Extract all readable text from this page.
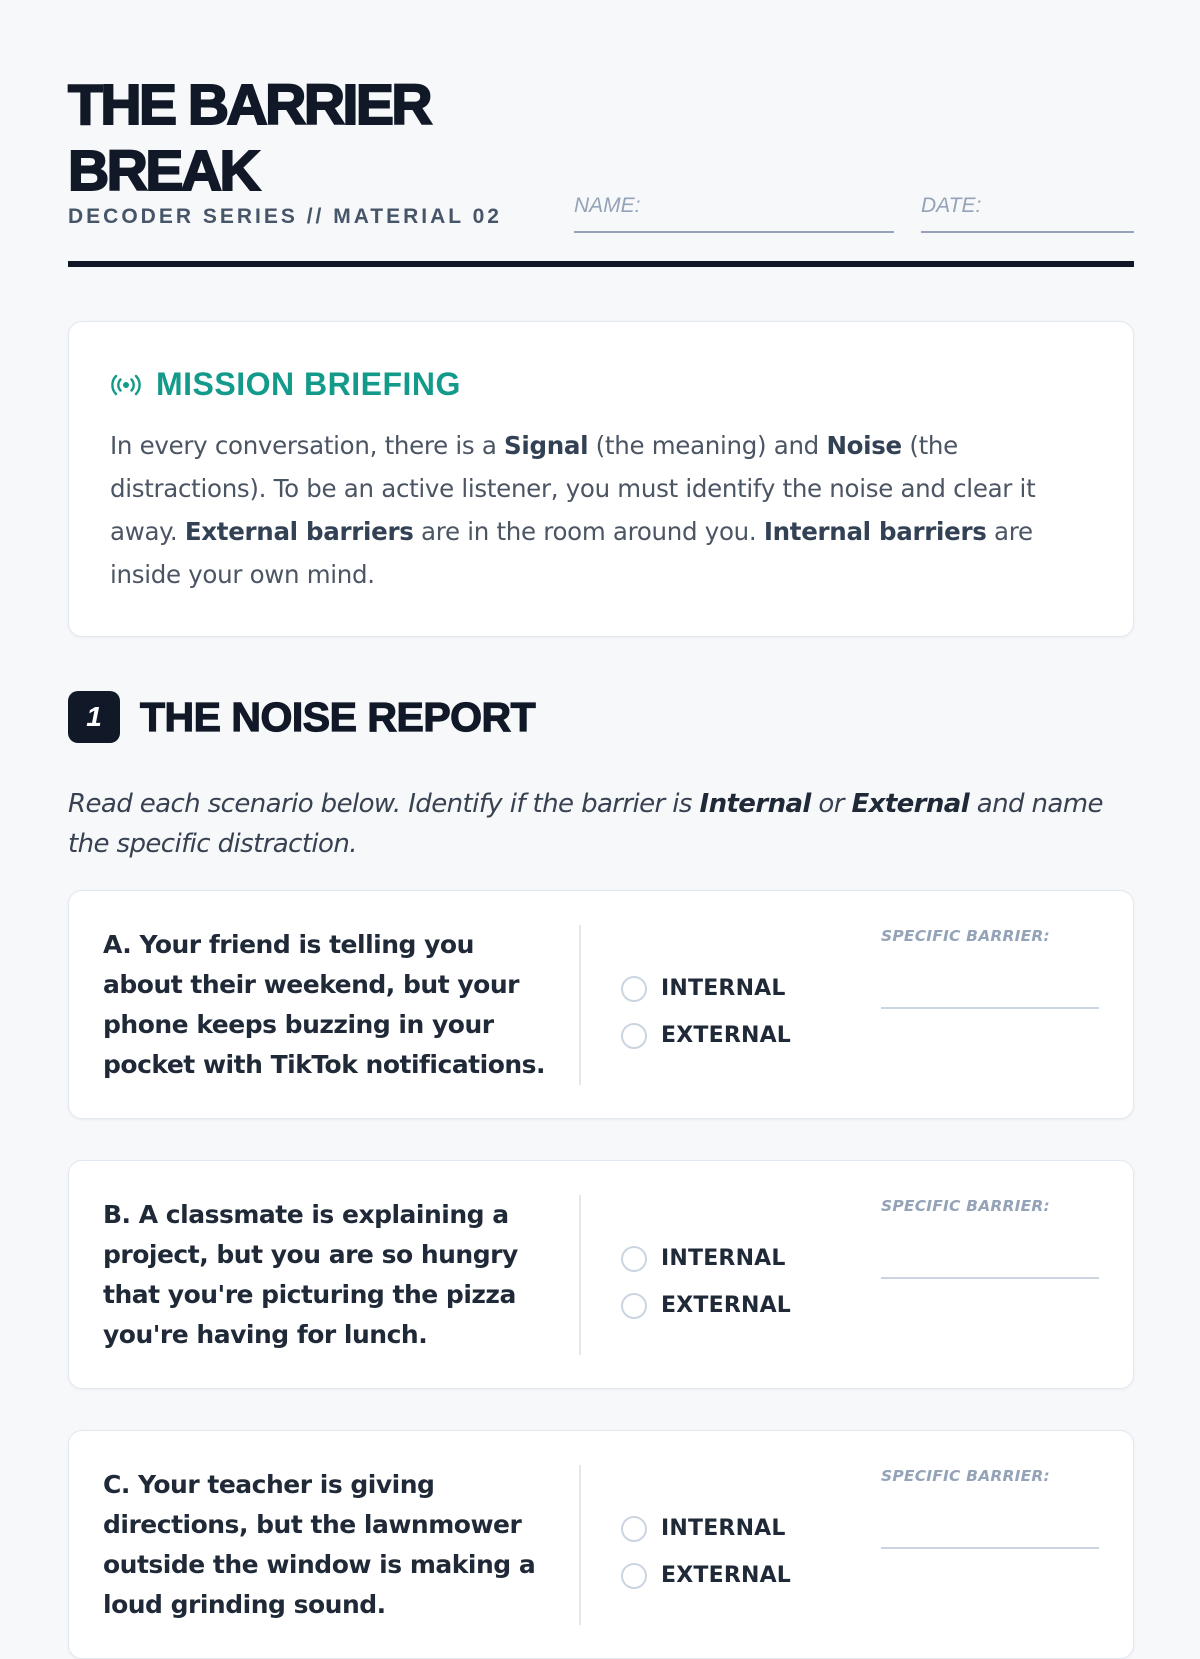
THE BARRIER
BREAK
DECODER SERIES // MATERIAL 02	NAME:	DATE:
MISSION BRIEFING

In every conversation, there is a Signal (the meaning) and Noise (the distractions). To be an active listener, you must identify the noise and clear it away. External barriers are in the room around you. Internal barriers are inside your own mind.

1 THE NOISE REPORT

Read each scenario below. Identify if the barrier is Internal or External and name the specific distraction.

A. Your friend is telling you about their weekend, but your phone keeps buzzing in your pocket with TikTok notifications.

INTERNAL
EXTERNAL
SPECIFIC BARRIER:

B. A classmate is explaining a project, but you are so hungry that you're picturing the pizza you're having for lunch.

INTERNAL
EXTERNAL
SPECIFIC BARRIER:

C. Your teacher is giving directions, but the lawnmower outside the window is making a loud grinding sound.

INTERNAL
EXTERNAL
SPECIFIC BARRIER:
